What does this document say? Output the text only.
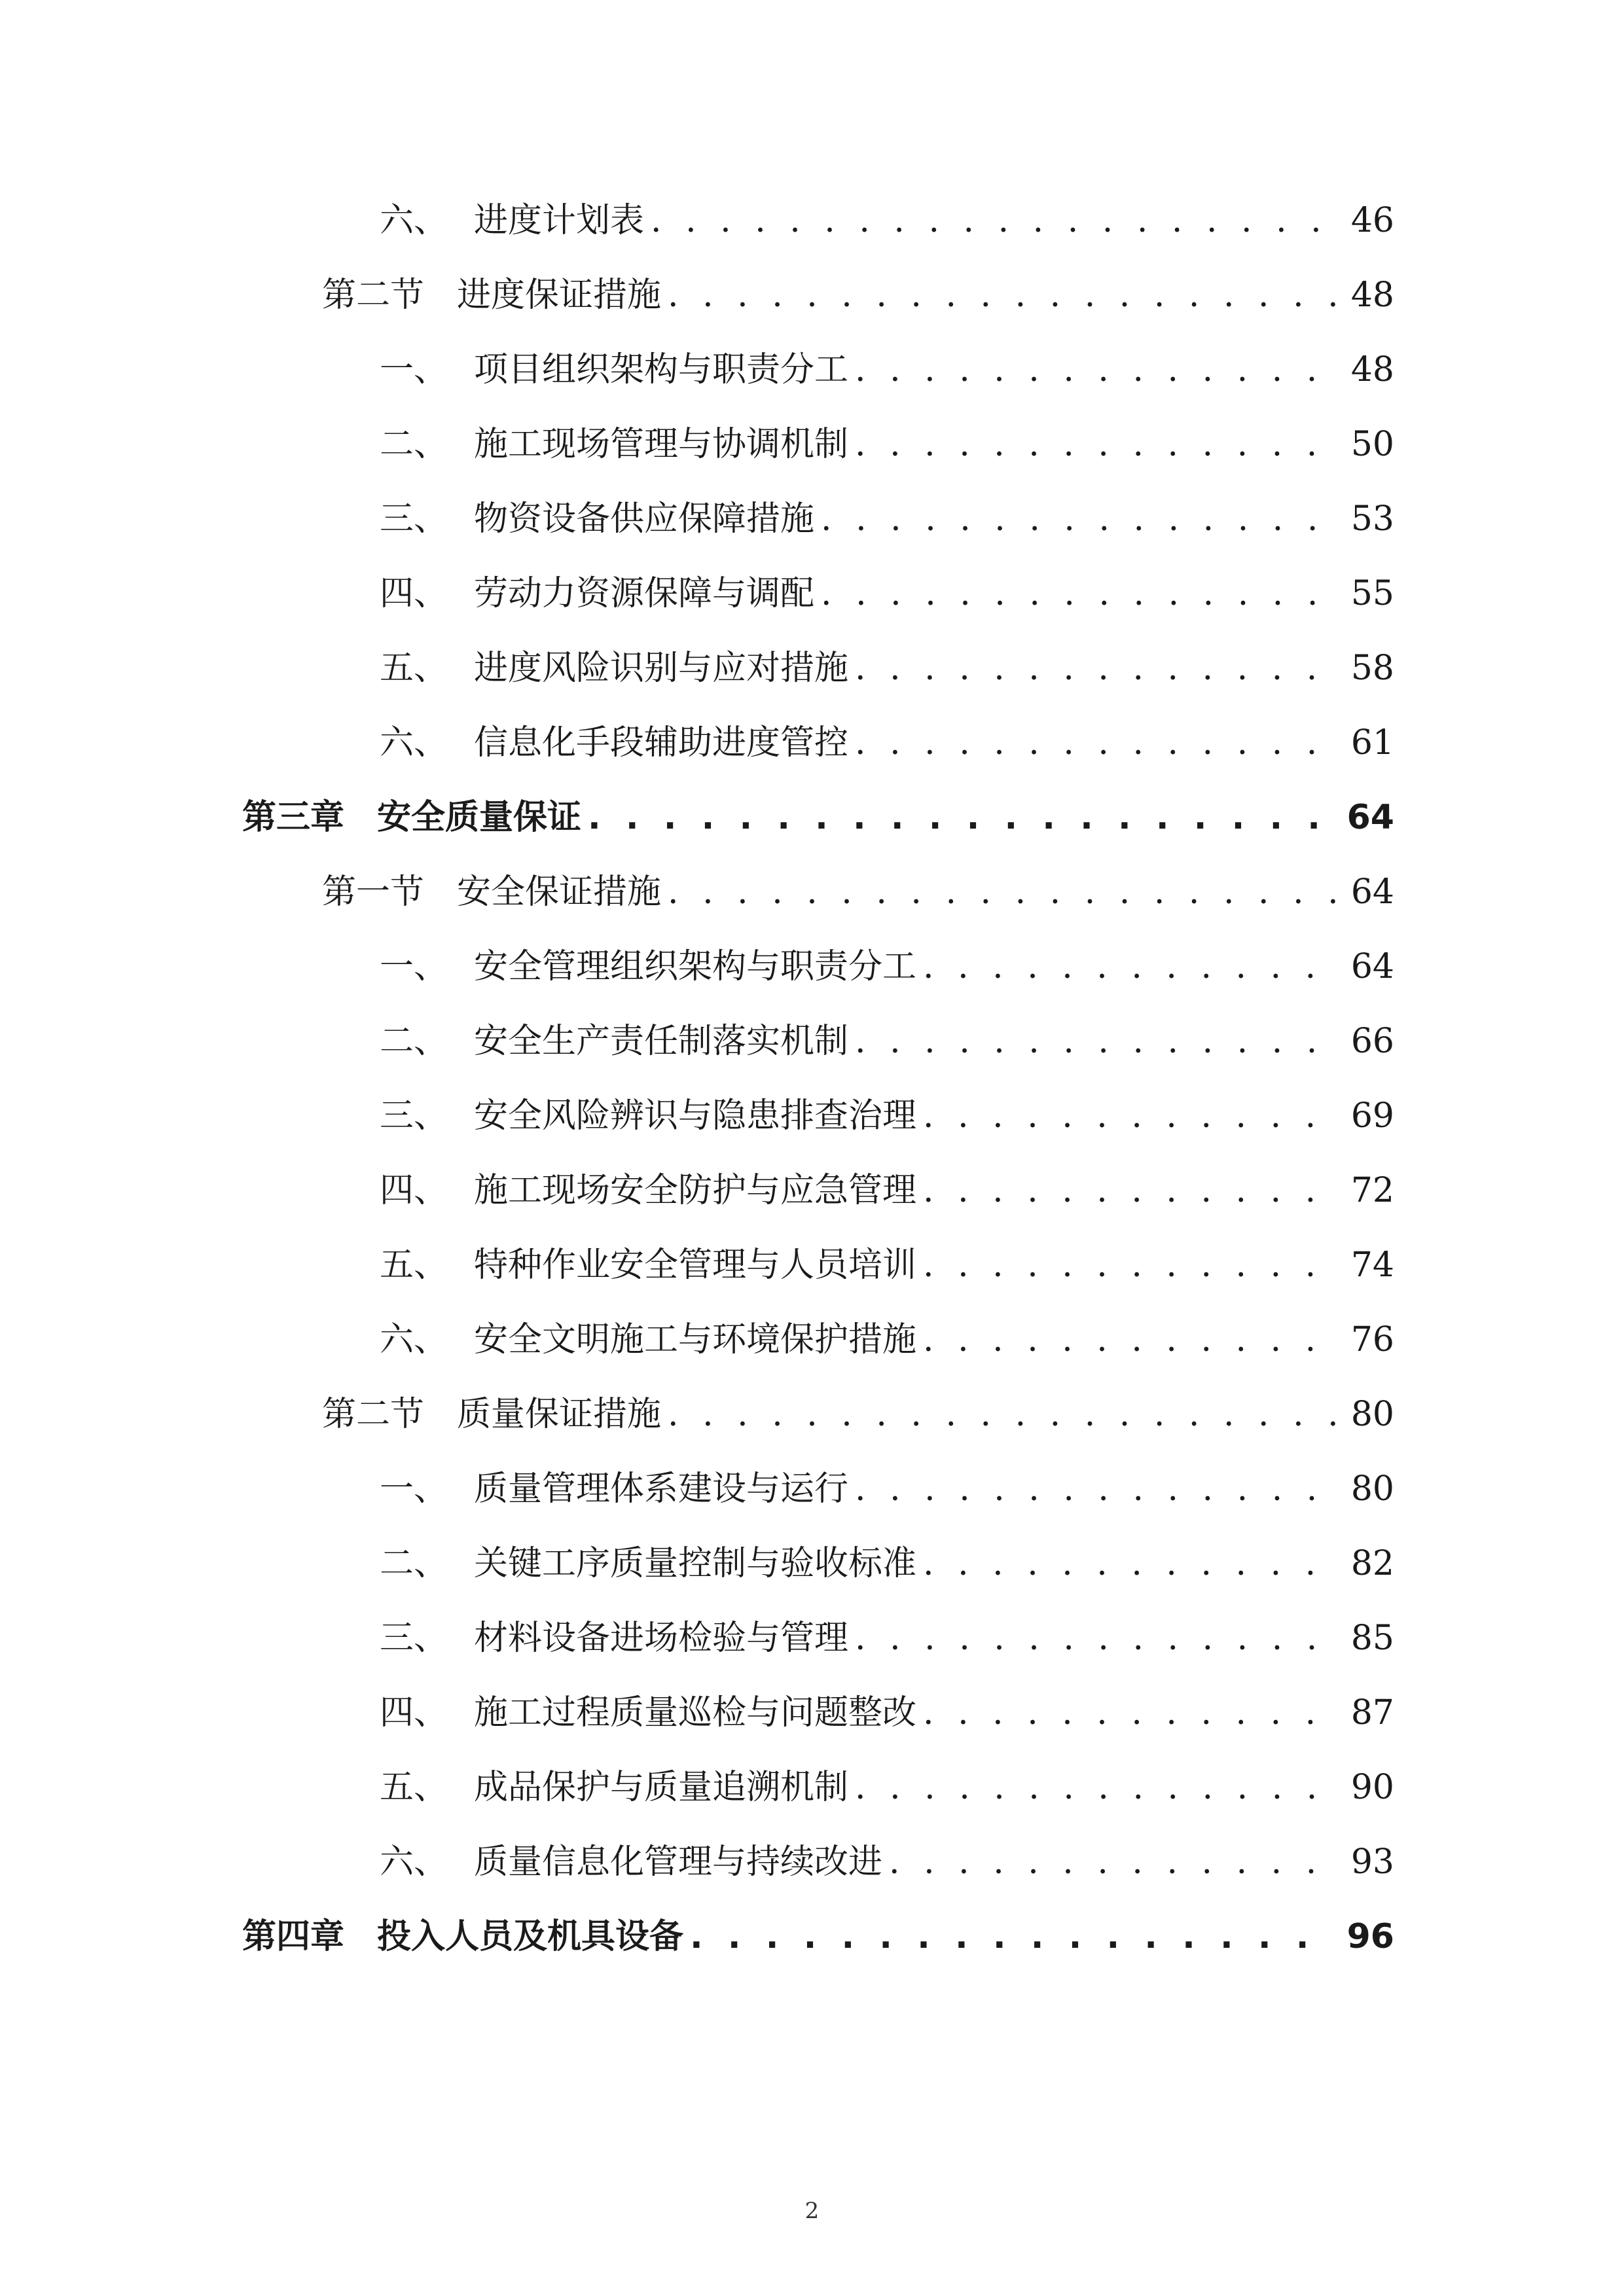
六、 进度计划表 . . .	46
第二节 进度保证措施 . . .	48
一、 项目组织架构与职责分工 . . .	48
二、 施工现场管理与协调机制 . . .	50
三、 物资设备供应保障措施 . . .	53
四、 劳动力资源保障与调配 . . .	55
五、 进度风险识别与应对措施 . . .	58
六、 信息化手段辅助进度管控 . . .	61
第三章 安全质量保证 . . .	64
第一节 安全保证措施 . . .	64
一、 安全管理组织架构与职责分工 . . .	64
二、 安全生产责任制落实机制 . . .	66
三、 安全风险辨识与隐患排查治理 . . .	69
四、 施工现场安全防护与应急管理 . . .	72
五、 特种作业安全管理与人员培训 . . .	74
六、 安全文明施工与环境保护措施 . . .	76
第二节 质量保证措施 . . .	80
一、 质量管理体系建设与运行 . . .	80
二、 关键工序质量控制与验收标准 . . .	82
三、 材料设备进场检验与管理 . . .	85
四、 施工过程质量巡检与问题整改 . . .	87
五、 成品保护与质量追溯机制 . . .	90
六、 质量信息化管理与持续改进 . . .	93
第四章 投入人员及机具设备 . . .	96
2
